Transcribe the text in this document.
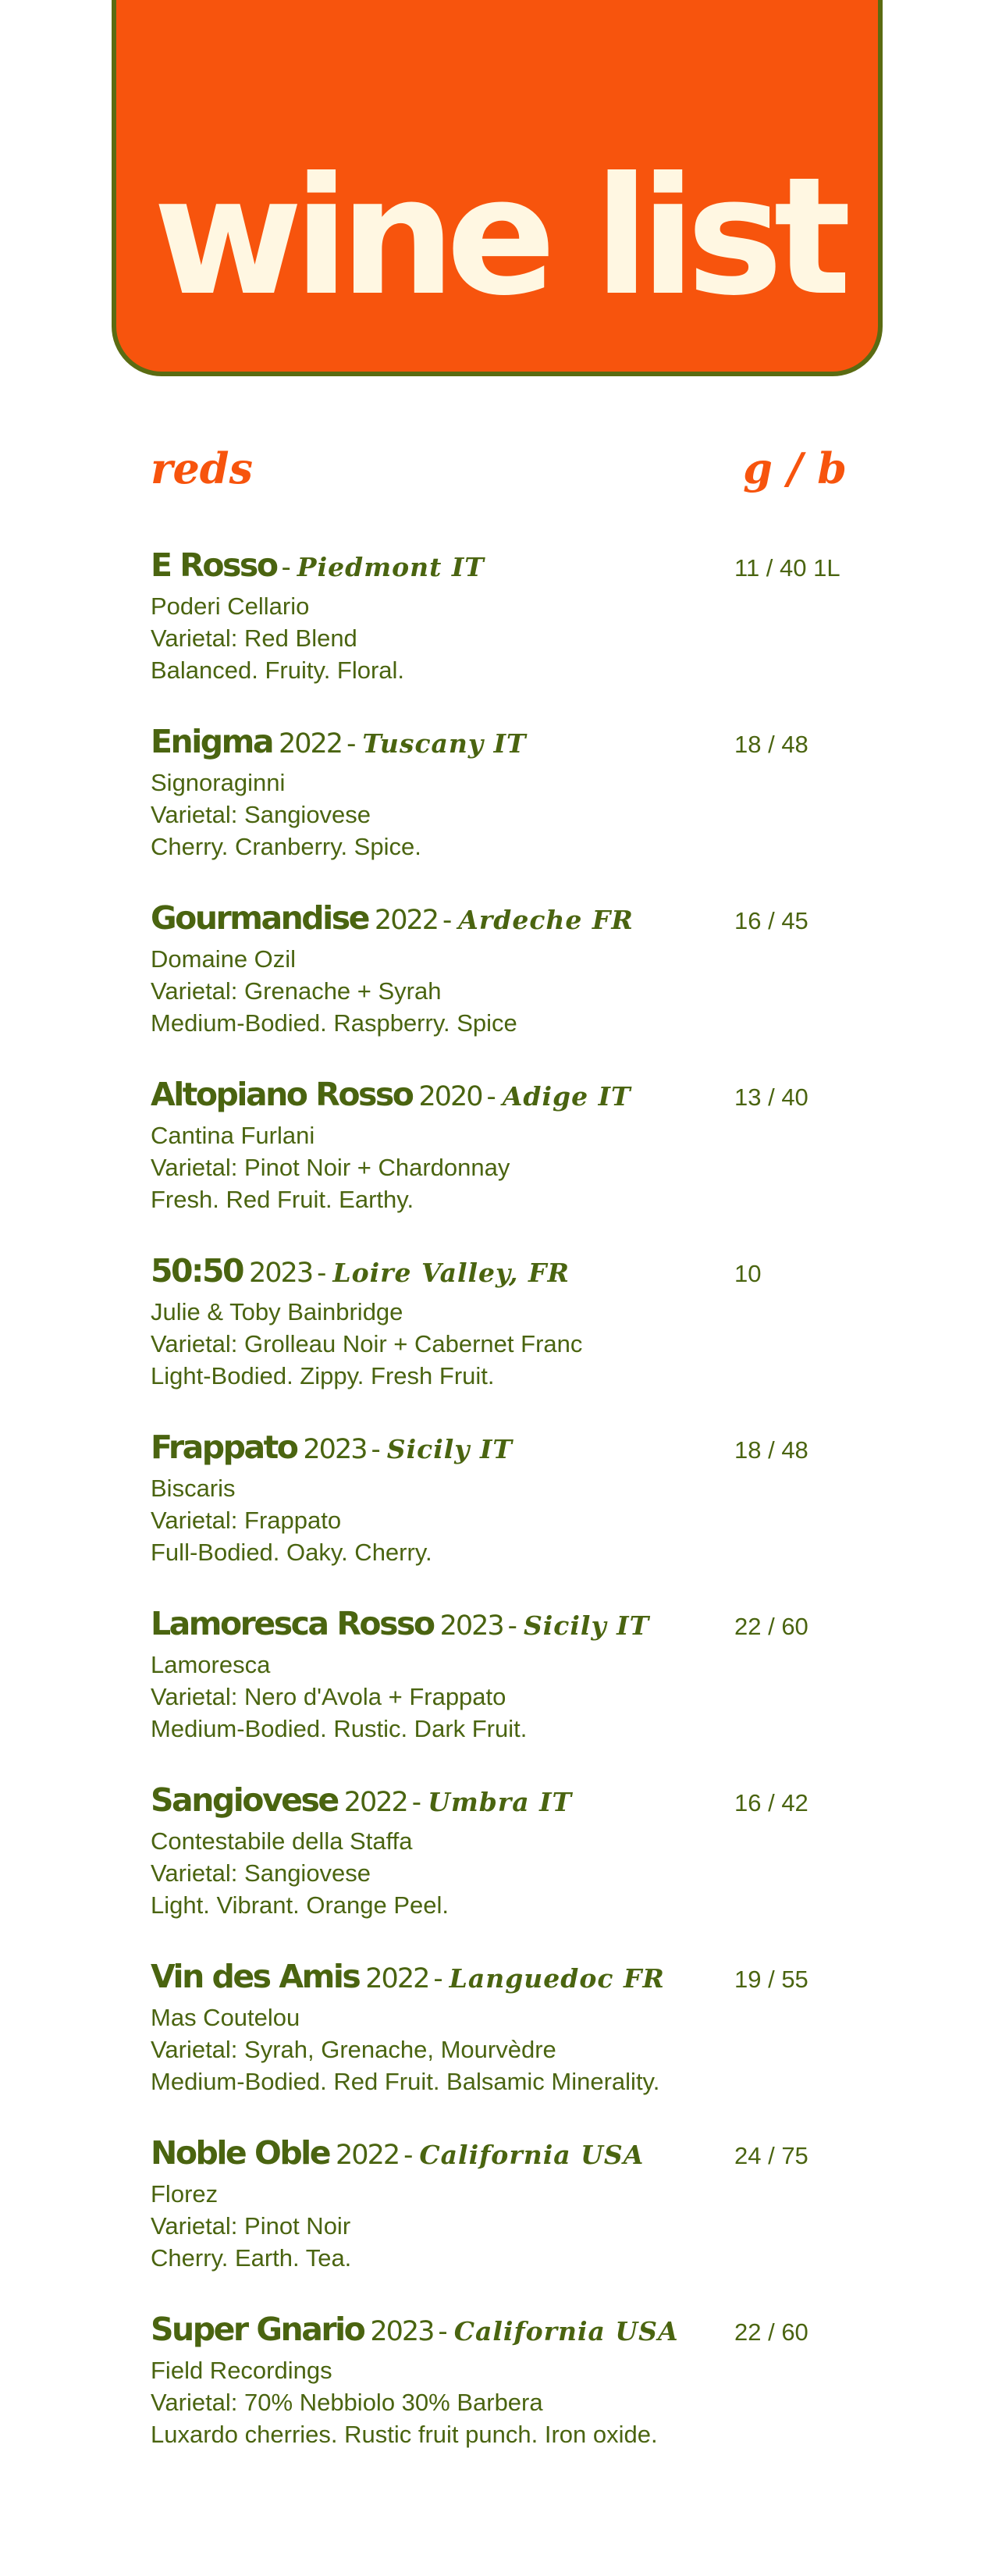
wine list
reds	g / b
E Rosso - Piedmont IT	11 / 40 1L
Poderi Cellario
Varietal: Red Blend
Balanced. Fruity. Floral.
Enigma 2022 - Tuscany IT	18 / 48
Signoraginni
Varietal: Sangiovese
Cherry. Cranberry. Spice.
Gourmandise 2022 - Ardeche FR	16 / 45
Domaine Ozil
Varietal: Grenache + Syrah
Medium-Bodied. Raspberry. Spice
Altopiano Rosso 2020 - Adige IT	13 / 40
Cantina Furlani
Varietal: Pinot Noir + Chardonnay
Fresh. Red Fruit. Earthy.
50:50 2023 - Loire Valley, FR	10
Julie & Toby Bainbridge
Varietal: Grolleau Noir + Cabernet Franc
Light-Bodied. Zippy. Fresh Fruit.
Frappato 2023 - Sicily IT	18 / 48
Biscaris
Varietal: Frappato
Full-Bodied. Oaky. Cherry.
Lamoresca Rosso 2023 - Sicily IT	22 / 60
Lamoresca
Varietal: Nero d'Avola + Frappato
Medium-Bodied. Rustic. Dark Fruit.
Sangiovese 2022 - Umbra IT	16 / 42
Contestabile della Staffa
Varietal: Sangiovese
Light. Vibrant. Orange Peel.
Vin des Amis 2022 - Languedoc FR	19 / 55
Mas Coutelou
Varietal: Syrah, Grenache, Mourvèdre
Medium-Bodied. Red Fruit. Balsamic Minerality.
Noble Oble 2022 - California USA	24 / 75
Florez
Varietal: Pinot Noir
Cherry. Earth. Tea.
Super Gnario 2023 - California USA 22 / 60
Field Recordings
Varietal: 70% Nebbiolo 30% Barbera
Luxardo cherries. Rustic fruit punch. Iron oxide.
